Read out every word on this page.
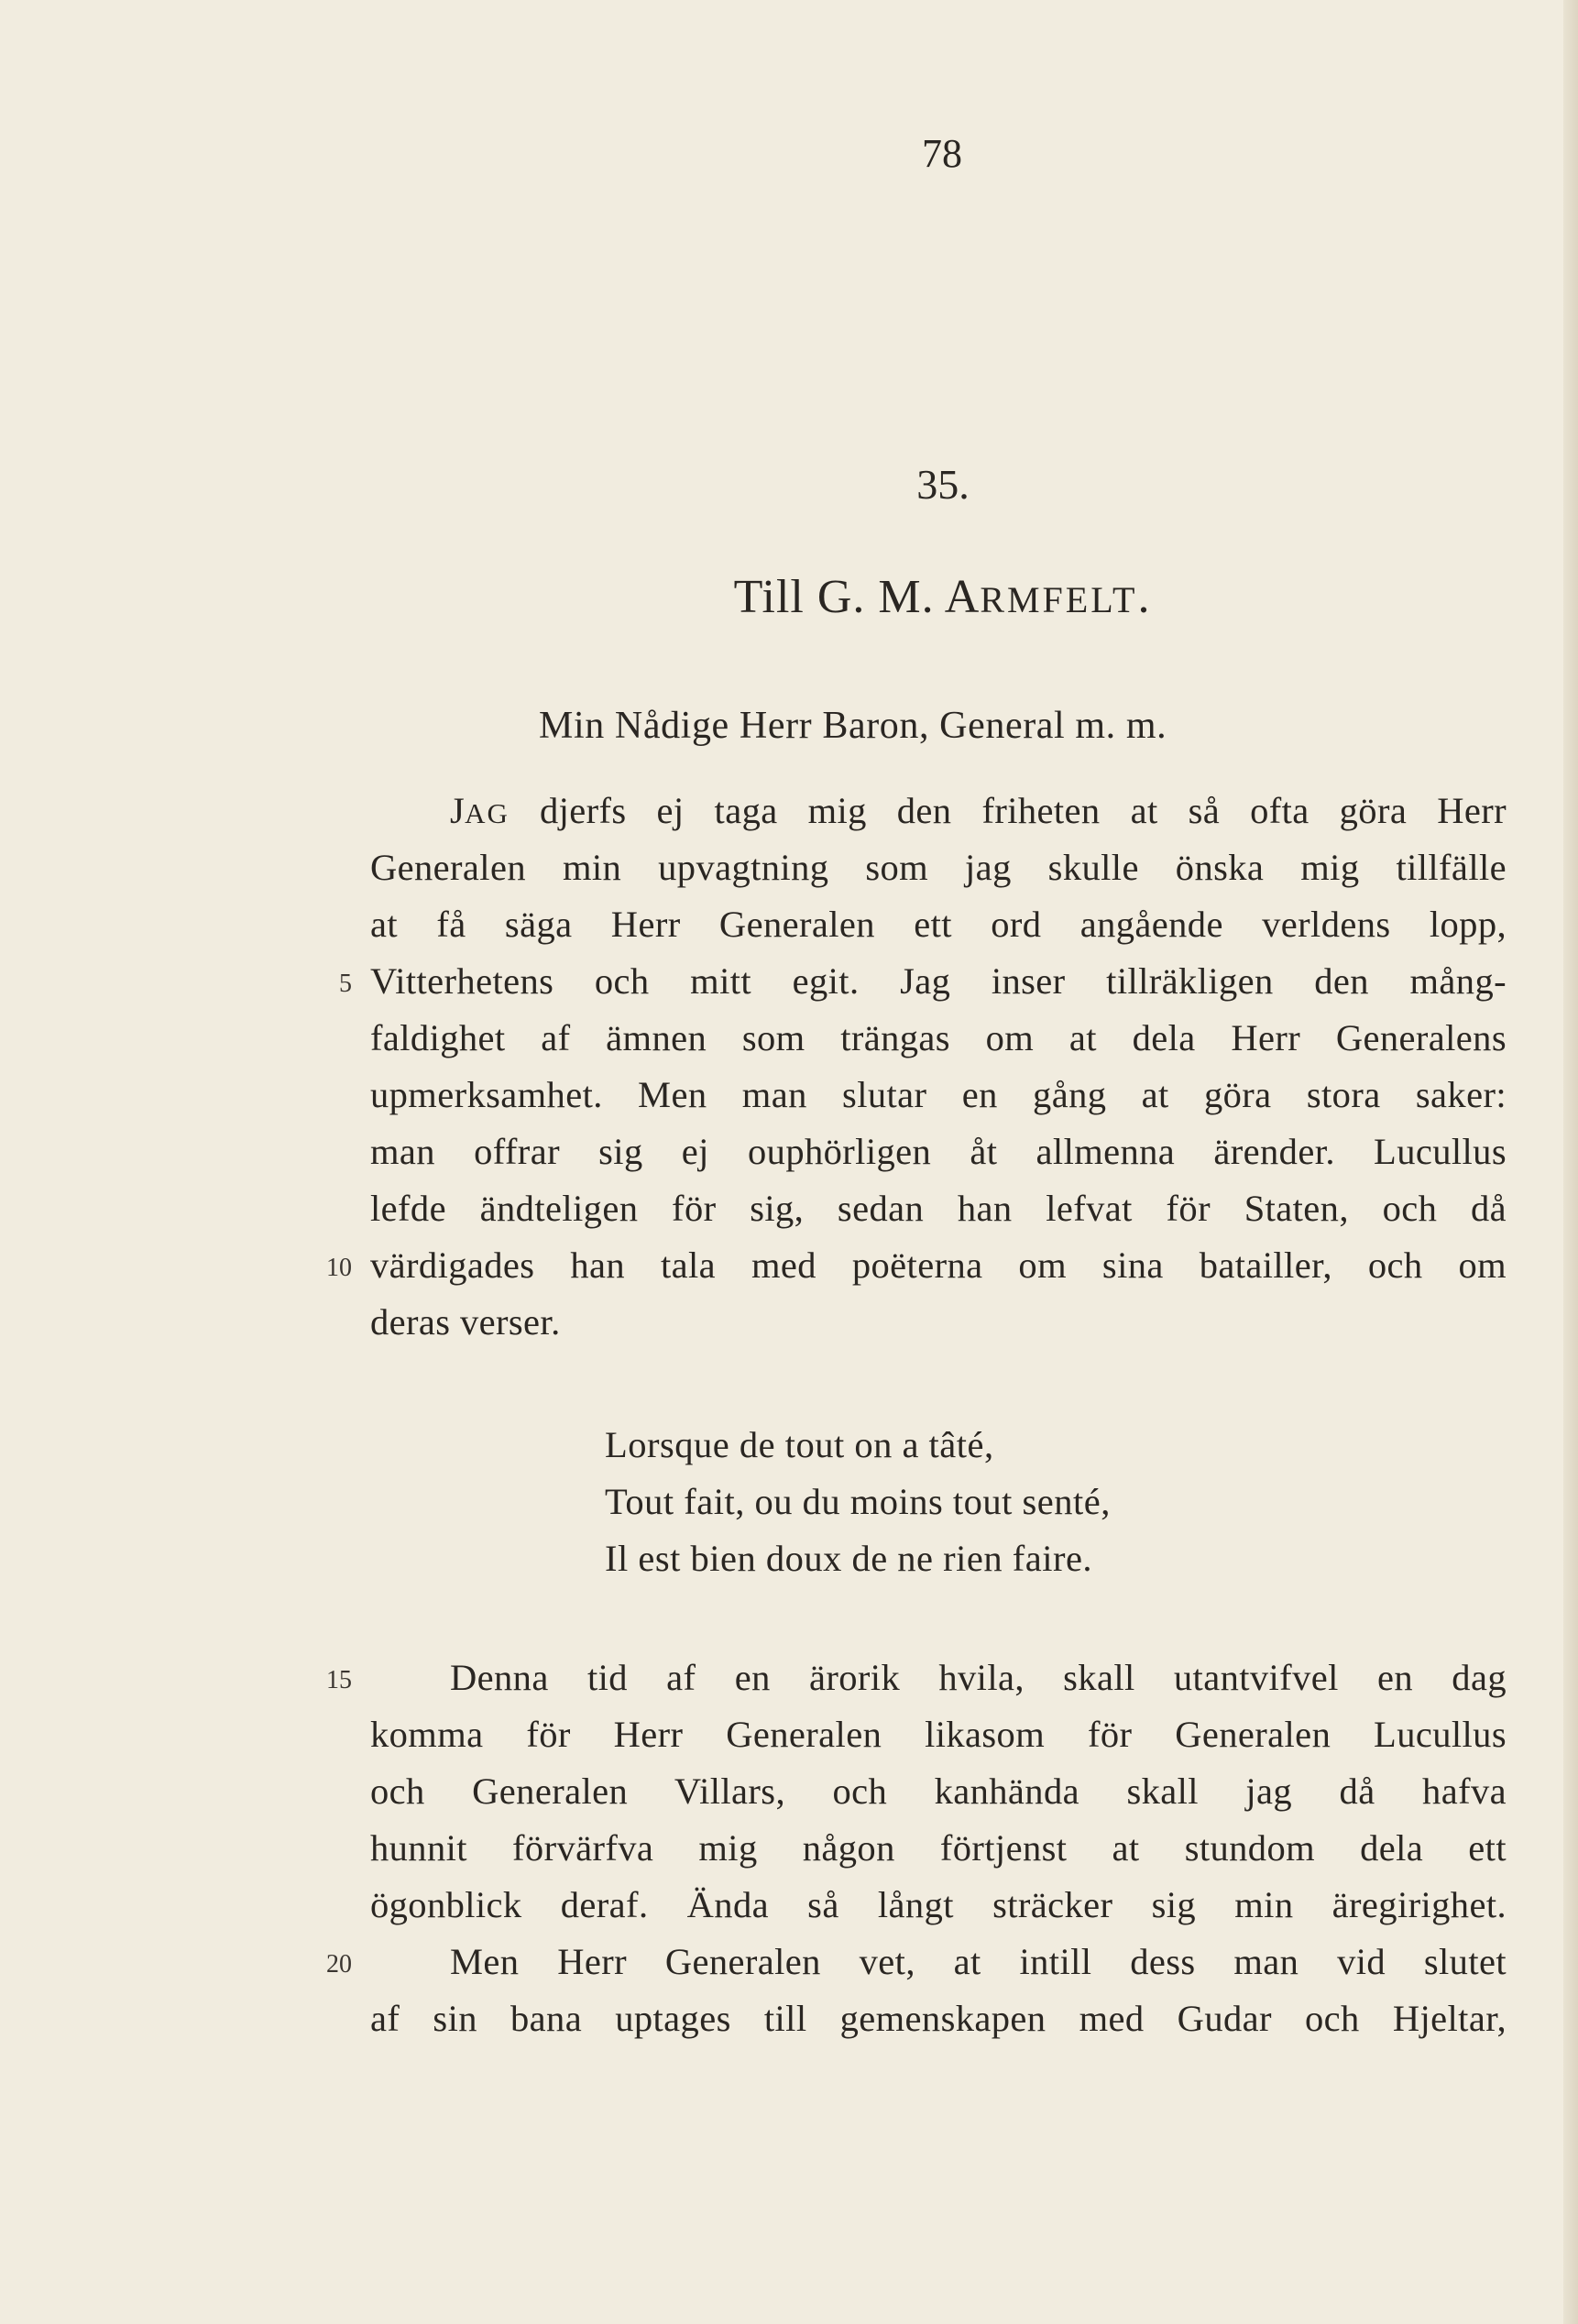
78
35.
Till G. M. ARMFELT.
Min Nådige Herr Baron, General m. m.
JAG djerfs ej taga mig den friheten at så ofta göra Herr
Generalen min upvagtning som jag skulle önska mig tillfälle
at få säga Herr Generalen ett ord angående verldens lopp,
Vitterhetens och mitt egit. Jag inser tillräkligen den mång-
faldighet af ämnen som trängas om at dela Herr Generalens
upmerksamhet. Men man slutar en gång at göra stora saker:
man offrar sig ej ouphörligen åt allmenna ärender. Lucullus
lefde ändteligen för sig, sedan han lefvat för Staten, och då
värdigades han tala med poëterna om sina batailler, och om
deras verser.
Lorsque de tout on a tâté,
Tout fait, ou du moins tout senté,
Il est bien doux de ne rien faire.
Denna tid af en ärorik hvila, skall utantvifvel en dag
komma för Herr Generalen likasom för Generalen Lucullus
och Generalen Villars, och kanhända skall jag då hafva
hunnit förvärfva mig någon förtjenst at stundom dela ett
ögonblick deraf. Ända så långt sträcker sig min äregirighet.
Men Herr Generalen vet, at intill dess man vid slutet
af sin bana uptages till gemenskapen med Gudar och Hjeltar,
5
10
15
20
